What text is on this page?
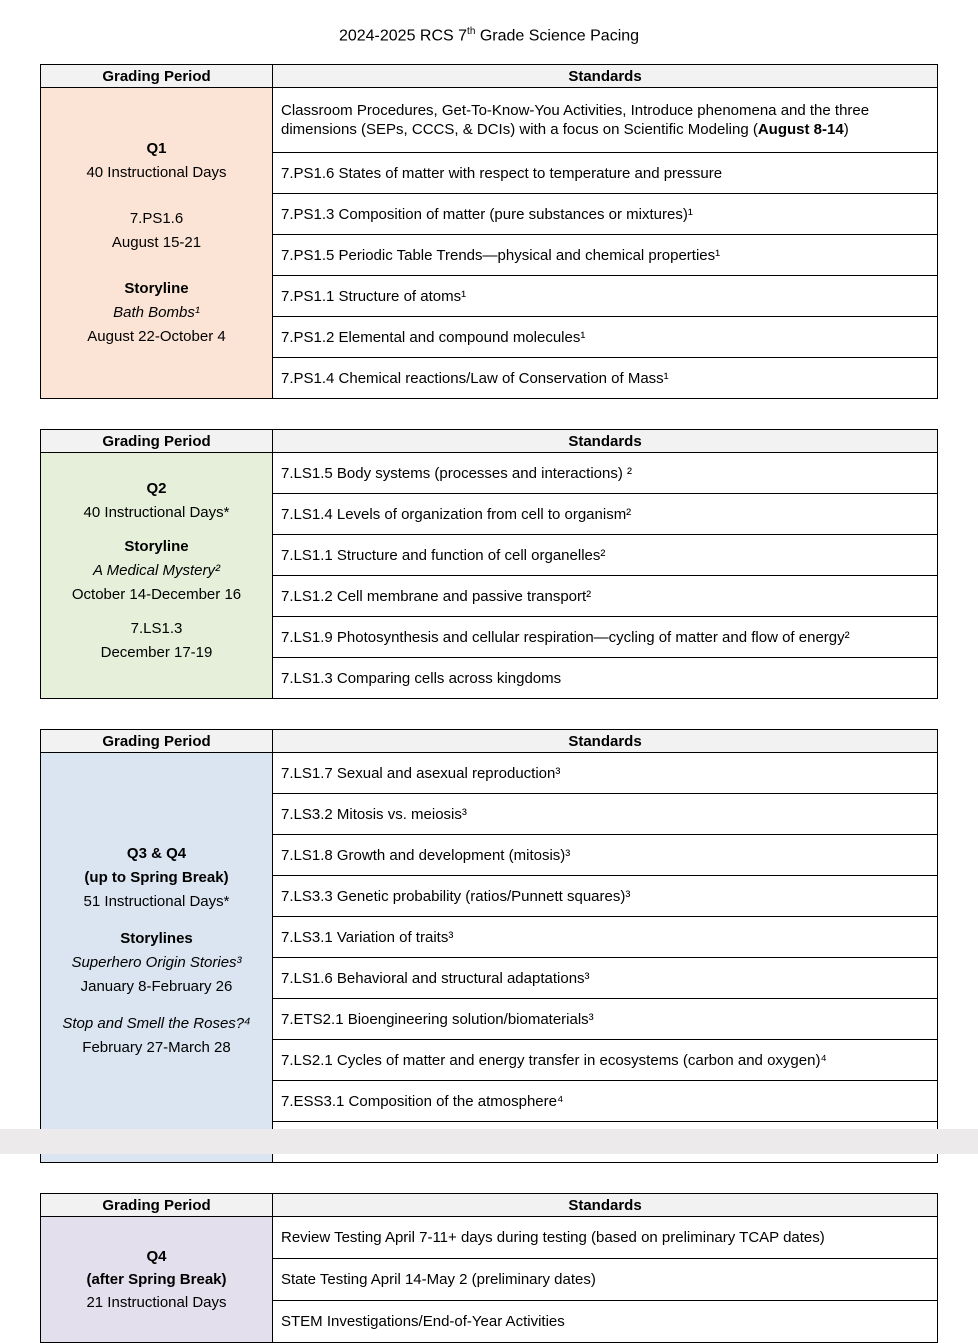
2024-2025 RCS 7th Grade Science Pacing
Grading Period	Standards

Q1
40 Instructional Days
7.PS1.6
August 15-21
Storyline
Bath Bombs¹
August 22-October 4
	Classroom Procedures, Get-To-Know-You Activities, Introduce phenomena and the three dimensions (SEPs, CCCS, & DCIs) with a focus on Scientific Modeling (August 8-14)
	7.PS1.6 States of matter with respect to temperature and pressure
	7.PS1.3 Composition of matter (pure substances or mixtures)¹
	7.PS1.5 Periodic Table Trends—physical and chemical properties¹
	7.PS1.1 Structure of atoms¹
	7.PS1.2 Elemental and compound molecules¹
	7.PS1.4 Chemical reactions/Law of Conservation of Mass¹
Grading Period	Standards

Q2
40 Instructional Days*
Storyline
A Medical Mystery²
October 14-December 16
7.LS1.3
December 17-19
	7.LS1.5 Body systems (processes and interactions) ²
	7.LS1.4 Levels of organization from cell to organism²
	7.LS1.1 Structure and function of cell organelles²
	7.LS1.2 Cell membrane and passive transport²
	7.LS1.9 Photosynthesis and cellular respiration—cycling of matter and flow of energy²
	7.LS1.3 Comparing cells across kingdoms
Grading Period	Standards

Q3 & Q4
(up to Spring Break)
51 Instructional Days*
Storylines
Superhero Origin Stories³
January 8-February 26
Stop and Smell the Roses?⁴
February 27-March 28
	7.LS1.7 Sexual and asexual reproduction³
	7.LS3.2 Mitosis vs. meiosis³
	7.LS1.8 Growth and development (mitosis)³
	7.LS3.3 Genetic probability (ratios/Punnett squares)³
	7.LS3.1 Variation of traits³
	7.LS1.6 Behavioral and structural adaptations³
	7.ETS2.1 Bioengineering solution/biomaterials³
	7.LS2.1 Cycles of matter and energy transfer in ecosystems (carbon and oxygen)⁴
	7.ESS3.1 Composition of the atmosphere⁴

Grading Period	Standards

Q4
(after Spring Break)
21 Instructional Days	Review Testing April 7-11+ days during testing (based on preliminary TCAP dates)
	State Testing April 14-May 2 (preliminary dates)
	STEM Investigations/End-of-Year Activities
